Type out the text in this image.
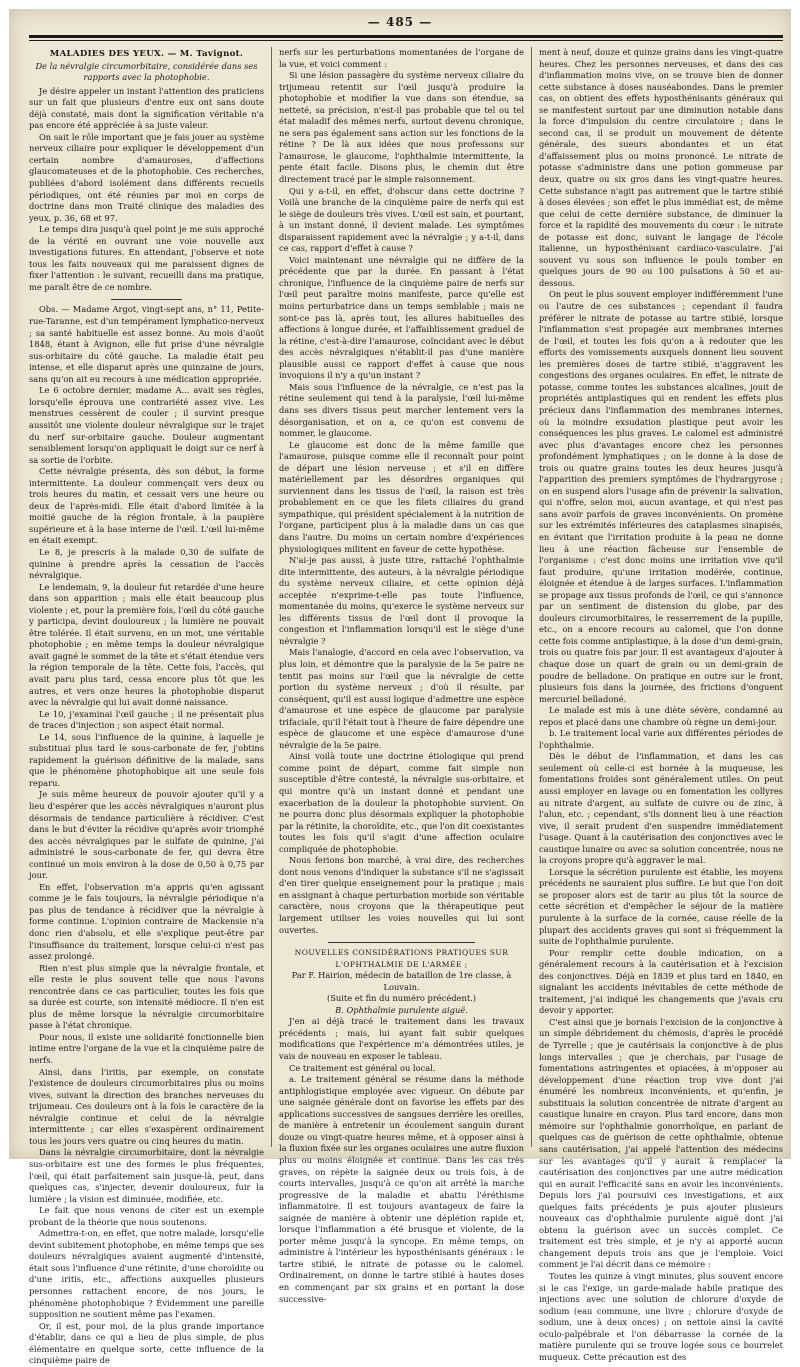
— 485 —

MALADIES DES YEUX. — M. Tavignot.

De la névralgie circumorbitaire, considérée dans ses rapports avec la photophobie.

Je désire appeler un instant l'attention des praticiens sur un fait que plusieurs d'entre eux ont sans doute déjà constaté, mais dont la signification véritable n'a pas encore été appréciée à sa juste valeur.

On sait le rôle important que je fais jouer au système nerveux ciliaire pour expliquer le développement d'un certain nombre d'amauroses, d'affections glaucomateuses et de la photophobie. Ces recherches, publiées d'abord isolément dans différents recueils périodiques, ont été réunies par moi en corps de doctrine dans mon Traité clinique des maladies des yeux, p. 36, 68 et 97.

Le temps dira jusqu'à quel point je me suis approché de la vérité en ouvrant une voie nouvelle aux investigations futures. En attendant, j'observe et note tous les faits nouveaux qui me paraissent dignes de fixer l'attention : le suivant, recueilli dans ma pratique, me paraît être de ce nombre.

Obs. — Madame Argot, vingt-sept ans, n° 11, Petite-rue-Taranne, est d'un tempérament lymphatico-nerveux ; sa santé habituelle est assez bonne. Au mois d'août 1848, étant à Avignon, elle fut prise d'une névralgie sus-orbitaire du côté gauche. La maladie était peu intense, et elle disparut après une quinzaine de jours, sans qu'on ait eu recours à une médication appropriée.

Le 6 octobre dernier, madame A... avait ses règles, lorsqu'elle éprouva une contrariété assez vive. Les menstrues cessèrent de couler ; il survint presque aussitôt une violente douleur névralgique sur le trajet du nerf sur-orbitaire gauche. Douleur augmentant sensiblement lorsqu'on appliquait le doigt sur ce nerf à sa sortie de l'orbite.

Cette névralgie présenta, dès son début, la forme intermittente. La douleur commençait vers deux ou trois heures du matin, et cessait vers une heure ou deux de l'après-midi. Elle était d'abord limitée à la moitié gauche de la région frontale, à la paupière supérieure et à la base interne de l'œil. L'œil lui-même en était exempt.

Le 8, je prescris à la malade 0,30 de sulfate de quinine à prendre après la cessation de l'accès névralgique.

Le lendemain, 9, la douleur fut retardée d'une heure dans son apparition ; mais elle était beaucoup plus violente ; et, pour la première fois, l'œil du côté gauche y participa, devint douloureux ; la lumière ne pouvait être tolérée. Il était survenu, en un mot, une véritable photophobie ; en même temps la douleur névralgique avait gagné le sommet de la tête et s'était étendue vers la région temporale de la tête. Cette fois, l'accès, qui avait paru plus tard, cessa encore plus tôt que les autres, et vers onze heures la photophobie disparut avec la névralgie qui lui avait donné naissance.

Le 10, j'examinai l'œil gauche ; il ne présentait plus de traces d'injection ; son aspect était normal.

Le 14, sous l'influence de la quinine, à laquelle je substituai plus tard le sous-carbonate de fer, j'obtins rapidement la guérison définitive de la malade, sans que le phénomène photophobique ait une seule fois reparu.

Je suis même heureux de pouvoir ajouter qu'il y a lieu d'espérer que les accès névralgiques n'auront plus désormais de tendance particulière à récidiver. C'est dans le but d'éviter la récidive qu'après avoir triomphé des accès névralgiques par le sulfate de quinine, j'ai administré le sous-carbonate de fer, qui devra être continué un mois environ à la dose de 0,50 à 0,75 par jour.

En effet, l'observation m'a appris qu'en agissant comme je le fais toujours, la névralgie périodique n'a pas plus de tendance à récidiver que la névralgie à forme continue. L'opinion contraire de Mackensie n'a donc rien d'absolu, et elle s'explique peut-être par l'insuffisance du traitement, lorsque celui-ci n'est pas assez prolongé.

Rien n'est plus simple que la névralgie frontale, et elle reste le plus souvent telle que nous l'avons rencontrée dans ce cas particulier, toutes les fois que sa durée est courte, son intensité médiocre. Il n'en est plus de même lorsque la névralgie circumorbitaire passe à l'état chronique.

Pour nous, il existe une solidarité fonctionnelle bien intime entre l'organe de la vue et la cinquième paire de nerfs.

Ainsi, dans l'iritis, par exemple, on constate l'existence de douleurs circumorbitaires plus ou moins vives, suivant la direction des branches nerveuses du trijumeau. Ces douleurs ont à la fois le caractère de la névralgie continue et celui de la névralgie intermittente ; car elles s'exaspèrent ordinairement tous les jours vers quatre ou cinq heures du matin.

Dans la névralgie circumorbitaire, dont la névralgie sus-orbitaire est une des formes le plus fréquentes, l'œil, qui était parfaitement sain jusque-là, peut, dans quelques cas, s'injecter, devenir douloureux, fuir la lumière ; la vision est diminuée, modifiée, etc.

Le fait que nous venons de citer est un exemple probant de la théorie que nous soutenons.

Admettra-t-on, en effet, que notre malade, lorsqu'elle devint subitement photophobe, en même temps que ses douleurs névralgiques avaient augmenté d'intensité, était sous l'influence d'une rétinite, d'une choroïdite ou d'une iritis, etc., affections auxquelles plusieurs personnes rattachent encore, de nos jours, le phénomène photophobique ? Évidemment une pareille supposition ne soutient même pas l'examen.

Or, il est, pour moi, de la plus grande importance d'établir, dans ce qui a lieu de plus simple, de plus élémentaire en quelque sorte, cette influence de la cinquième paire de

nerfs sur les perturbations momentanées de l'organe de la vue, et voici comment :

Si une lésion passagère du système nerveux ciliaire du trijumeau retentit sur l'œil jusqu'à produire la photophobie et modifier la vue dans son étendue, sa netteté, sa précision, n'est-il pas probable que tel ou tel état maladif des mêmes nerfs, surtout devenu chronique, ne sera pas également sans action sur les fonctions de la rétine ? De là aux idées que nous professons sur l'amaurose, le glaucome, l'ophthalmie intermittente, la pente était facile. Disons plus, le chemin dut être directement tracé par le simple raisonnement.

Qui y a-t-il, en effet, d'obscur dans cette doctrine ? Voilà une branche de la cinquième paire de nerfs qui est le siège de douleurs très vives. L'œil est sain, et pourtant, à un instant donné, il devient malade. Les symptômes disparaissent rapidement avec la névralgie ; y a-t-il, dans ce cas, rapport d'effet à cause ?

Voici maintenant une névralgie qui ne diffère de la précédente que par la durée. En passant à l'état chronique, l'influence de la cinquième paire de nerfs sur l'œil peut paraître moins manifeste, parce qu'elle est moins perturbatrice dans un temps semblable ; mais ne sont-ce pas là, après tout, les allures habituelles des affections à longue durée, et l'affaiblissement graduel de la rétine, c'est-à-dire l'amaurose, coïncidant avec le début des accès névralgiques n'établit-il pas d'une manière plausible aussi ce rapport d'effet à cause que nous invoquions il n'y a qu'un instant ?

Mais sous l'influence de la névralgie, ce n'est pas la rétine seulement qui tend à la paralysie, l'œil lui-même dans ses divers tissus peut marcher lentement vers la désorganisation, et on a, ce qu'on est convenu de nommer, le glaucome.

Le glaucome est donc de la même famille que l'amaurose, puisque comme elle il reconnaît pour point de départ une lésion nerveuse ; et s'il en diffère matériellement par les désordres organiques qui surviennent dans les tissus de l'œil, la raison est très probablement en ce que les filets ciliaires du grand sympathique, qui président spécialement à la nutrition de l'organe, participent plus à la maladie dans un cas que dans l'autre. Du moins un certain nombre d'expériences physiologiques militent en faveur de cette hypothèse.

N'ai-je pas aussi, à juste titre, rattaché l'ophthalmie dite intermittente, des auteurs, à la névralgie périodique du système nerveux ciliaire, et cette opinion déjà acceptée n'exprime-t-elle pas toute l'influence, momentanée du moins, qu'exerce le système nerveux sur les différents tissus de l'œil dont il provoque la congestion et l'inflammation lorsqu'il est le siège d'une névralgie ?

Mais l'analogie, d'accord en cela avec l'observation, va plus loin, et démontre que la paralysie de la 5e paire ne tentit pas moins sur l'œil que la névralgie de cette portion du système nerveux ; d'où il résulte, par conséquent, qu'il est aussi logique d'admettre une espèce d'amaurose et une espèce de glaucome par paralysie trifaciale, qu'il l'était tout à l'heure de faire dépendre une espèce de glaucome et une espèce d'amaurose d'une névralgie de la 5e paire.

Ainsi voilà toute une doctrine étiologique qui prend comme point de départ, comme fait simple non susceptible d'être contesté, la névralgie sus-orbitaire, et qui montre qu'à un instant donné et pendant une exacerbation de la douleur la photophobie survient. On ne pourra donc plus désormais expliquer la photophobie par la rétinite, la choroïdite, etc., que l'on dit coexistantes toutes les fois qu'il s'agit d'une affection oculaire compliquée de photophobie.

Nous ferions bon marché, à vrai dire, des recherches dont nous venons d'indiquer la substance s'il ne s'agissait d'en tirer quelque enseignement pour la pratique ; mais en assignant à chaque perturbation morbide son véritable caractère, nous croyons que la thérapeutique peut largement utiliser les voies nouvelles qui lui sont ouvertes.

NOUVELLES CONSIDÉRATIONS PRATIQUES SUR L'OPHTHALMIE DE L'ARMÉE ;

Par F. Hairion, médecin de bataillon de 1re classe, à Louvain.

(Suite et fin du numéro précédent.)

B. Ophthalmie purulente aiguë.

J'en ai déjà tracé le traitement dans les travaux précédents ; mais, lui ayant fait subir quelques modifications que l'expérience m'a démontrées utiles, je vais de nouveau en exposer le tableau.

Ce traitement est général ou local.

a. Le traitement général se résume dans la méthode antiphlogistique employée avec vigueur. On débute par une saignée générale dont on favorise les effets par des applications successives de sangsues derrière les oreilles, de manière à entretenir un écoulement sanguin durant douze ou vingt-quatre heures même, et à opposer ainsi à la fluxion fixée sur les organes oculaires une autre fluxion plus ou moins éloignée et continue. Dans les cas très graves, on répète la saignée deux ou trois fois, à de courts intervalles, jusqu'à ce qu'on ait arrêté la marche progressive de la maladie et abattu l'éréthisme inflammatoire. Il est toujours avantageux de faire la saignée de manière à obtenir une déplétion rapide et, lorsque l'inflammation a été brusque et violente, de la porter même jusqu'à la syncope. En même temps, on administre à l'intérieur les hyposthénisants généraux : le tartre stibié, le nitrate de potasse ou le calomel. Ordinairement, on donne le tartre stibié à hautes doses en commençant par six grains et en portant la dose successive-

ment à neuf, douze et quinze grains dans les vingt-quatre heures. Chez les personnes nerveuses, et dans des cas d'inflammation moins vive, on se trouve bien de donner cette substance à doses nauséabondes. Dans le premier cas, on obtient des effets hyposthénisants généraux qui se manifestent surtout par une diminution notable dans la force d'impulsion du centre circulatoire ; dans le second cas, il se produit un mouvement de détente générale, des sueurs abondantes et un état d'affaissement plus ou moins prononcé. Le nitrate de potasse s'administre dans une potion gommeuse par deux, quatre ou six gros dans les vingt-quatre heures. Cette substance n'agit pas autrement que le tartre stibié à doses élevées ; son effet le plus immédiat est, de même que celui de cette dernière substance, de diminuer la force et la rapidité des mouvements du cœur : le nitrate de potasse est donc, suivant le langage de l'école italienne, un hyposthénisant cardiaco-vasculaire. J'ai souvent vu sous son influence le pouls tomber en quelques jours de 90 ou 100 pulsations à 50 et au-dessous.

On peut le plus souvent employer indifféremment l'une ou l'autre de ces substances ; cependant il faudra préférer le nitrate de potasse au tartre stibié, lorsque l'inflammation s'est propagée aux membranes internes de l'œil, et toutes les fois qu'on a à redouter que les efforts des vomissements auxquels donnent lieu souvent les premières doses de tartre stibié, n'aggravent les congestions des organes oculaires. En effet, le nitrate de potasse, comme toutes les substances alcalines, jouit de propriétés antiplastiques qui en rendent les effets plus précieux dans l'inflammation des membranes internes, où la moindre exsudation plastique peut avoir les conséquences les plus graves. Le calomel est administré avec plus d'avantages encore chez les personnes profondément lymphatiques ; on le donne à la dose de trois ou quatre grains toutes les deux heures jusqu'à l'apparition des premiers symptômes de l'hydrargyrose ; on en suspend alors l'usage afin de prévenir la salivation, qui n'offre, selon moi, aucun avantage, et qui n'est pas sans avoir parfois de graves inconvénients. On promène sur les extrémités inférieures des cataplasmes sinapisés, en évitant que l'irritation produite à la peau ne donne lieu à une réaction fâcheuse sur l'ensemble de l'organisme : c'est donc moins une irritation vive qu'il faut produire, qu'une irritation modérée, continue, éloignée et étendue à de larges surfaces. L'inflammation se propage aux tissus profonds de l'œil, ce qui s'annonce par un sentiment de distension du globe, par des douleurs circumorbitaires, le resserrement de la pupille, etc., on a encore recours au calomel, que l'on donne cette fois comme antiplastique, à la dose d'un demi-grain, trois ou quatre fois par jour. Il est avantageux d'ajouter à chaque dose un quart de grain ou un demi-grain de poudre de belladone. On pratique en outre sur le front, plusieurs fois dans la journée, des frictions d'onguent mercuriel belladoné.

Le malade est mis à une diète sévère, condamné au repos et placé dans une chambre où règne un demi-jour.

b. Le traitement local varie aux différentes périodes de l'ophthalmie.

Dès le début de l'inflammation, et dans les cas seulement où celle-ci est bornée à la muqueuse, les fomentations froides sont généralement utiles. On peut aussi employer en lavage ou en fomentation les collyres au nitrate d'argent, au sulfate de cuivre ou de zinc, à l'alun, etc. ; cependant, s'ils donnent lieu à une réaction vive, il serait prudent d'en suspendre immédiatement l'usage. Quant à la cautérisation des conjonctives avec le caustique lunaire ou avec sa solution concentrée, nous ne la croyons propre qu'à aggraver le mal.

Lorsque la sécrétion purulente est établie, les moyens précédents ne sauraient plus suffire. Le but que l'on doit se proposer alors est de tarir au plus tôt la source de cette sécrétion et d'empêcher le séjour de la matière purulente à la surface de la cornée, cause réelle de la plupart des accidents graves qui sont si fréquemment la suite de l'ophthalmie purulente.

Pour remplir cette double indication, on a généralement recours à la cautérisation et à l'excision des conjonctives. Déjà en 1839 et plus tard en 1840, en signalant les accidents inévitables de cette méthode de traitement, j'ai indiqué les changements que j'avais cru devoir y apporter.

C'est ainsi que je bornais l'excision de la conjonctive à un simple débridement du chémosis, d'après le procédé de Tyrrelle ; que je cautérisais la conjonctive à de plus longs intervalles ; que je cherchais, par l'usage de fomentations astringentes et opiacées, à m'opposer au développement d'une réaction trop vive dont j'ai énuméré les nombreux inconvénients, et qu'enfin, je substituais la solution concentrée de nitrate d'argent au caustique lunaire en crayon. Plus tard encore, dans mon mémoire sur l'ophthalmie gonorrhoïque, en parlant de quelques cas de guérison de cette ophthalmie, obtenue sans cautérisation, j'ai appelé l'attention des médecins sur les avantages qu'il y aurait à remplacer la cautérisation des conjonctives par une autre médication qui en aurait l'efficacité sans en avoir les inconvénients. Depuis lors j'ai poursuivi ces investigations, et aux quelques faits précédents je puis ajouter plusieurs nouveaux cas d'ophthalmie purulente aiguë dont j'ai obtenu la guérison avec un succès complet. Ce traitement est très simple, et je n'y ai apporté aucun changement depuis trois ans que je l'emploie. Voici comment je l'ai décrit dans ce mémoire :

Toutes les quinze à vingt minutes, plus souvent encore si le cas l'exige, un garde-malade habile pratique des injections avec une solution de chlorure d'oxyde de sodium (eau commune, une livre ; chlorure d'oxyde de sodium, une à deux onces) ; on nettoie ainsi la cavité oculo-palpébrale et l'on débarrasse la cornée de la matière purulente qui se trouve logée sous ce bourrelet muqueux. Cette précaution est des
